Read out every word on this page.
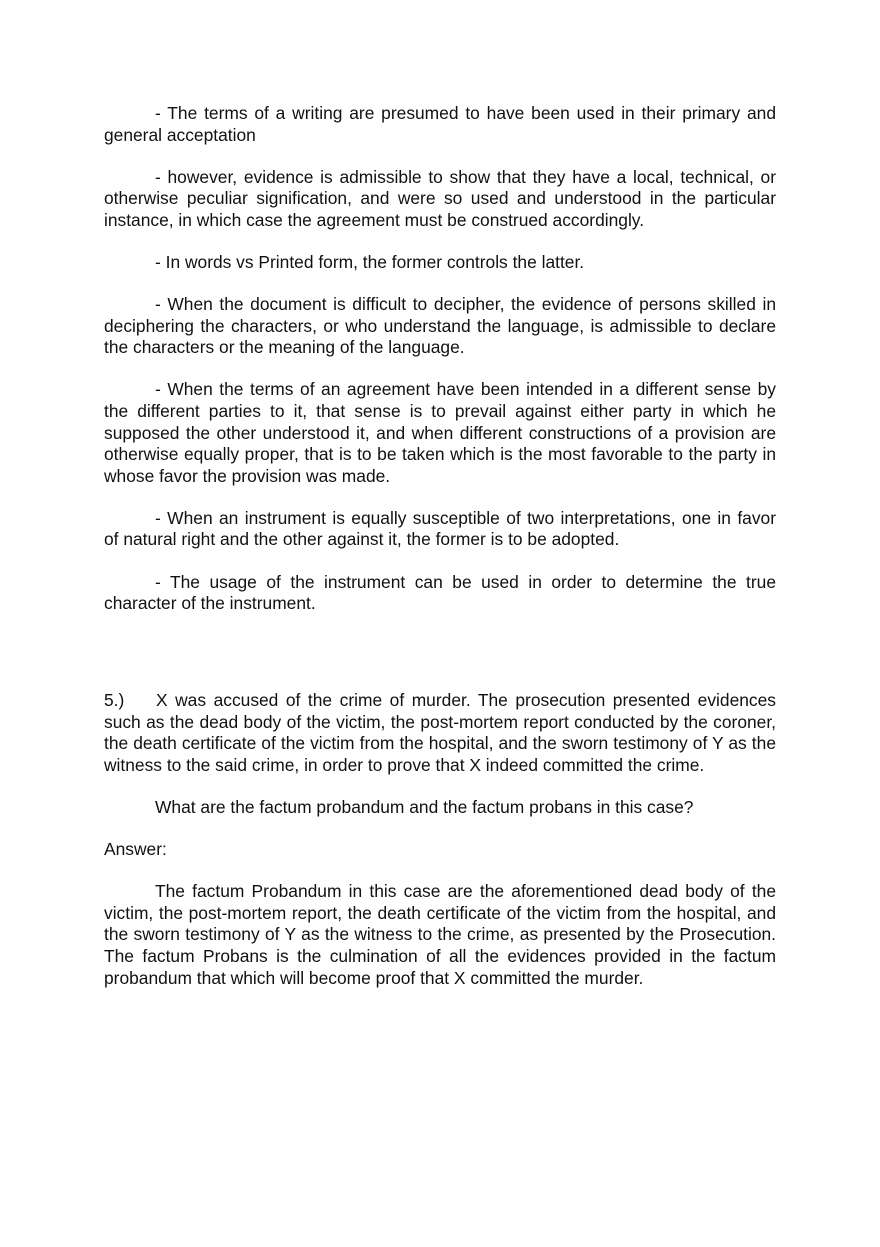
- The terms of a writing are presumed to have been used in their primary and general acceptation

- however, evidence is admissible to show that they have a local, technical, or otherwise peculiar signification, and were so used and understood in the particular instance, in which case the agreement must be construed accordingly.

- In words vs Printed form, the former controls the latter.

- When the document is difficult to decipher, the evidence of persons skilled in deciphering the characters, or who understand the language, is admissible to declare the characters or the meaning of the language.

- When the terms of an agreement have been intended in a different sense by the different parties to it, that sense is to prevail against either party in which he supposed the other understood it, and when different constructions of a provision are otherwise equally proper, that is to be taken which is the most favorable to the party in whose favor the provision was made.

- When an instrument is equally susceptible of two interpretations, one in favor of natural right and the other against it, the former is to be adopted.

- The usage of the instrument can be used in order to determine the true character of the instrument.

5.) X was accused of the crime of murder. The prosecution presented evidences such as the dead body of the victim, the post-mortem report conducted by the coroner, the death certificate of the victim from the hospital, and the sworn testimony of Y as the witness to the said crime, in order to prove that X indeed committed the crime.

What are the factum probandum and the factum probans in this case?

Answer:

The factum Probandum in this case are the aforementioned dead body of the victim, the post-mortem report, the death certificate of the victim from the hospital, and the sworn testimony of Y as the witness to the crime, as presented by the Prosecution. The factum Probans is the culmination of all the evidences provided in the factum probandum that which will become proof that X committed the murder.
